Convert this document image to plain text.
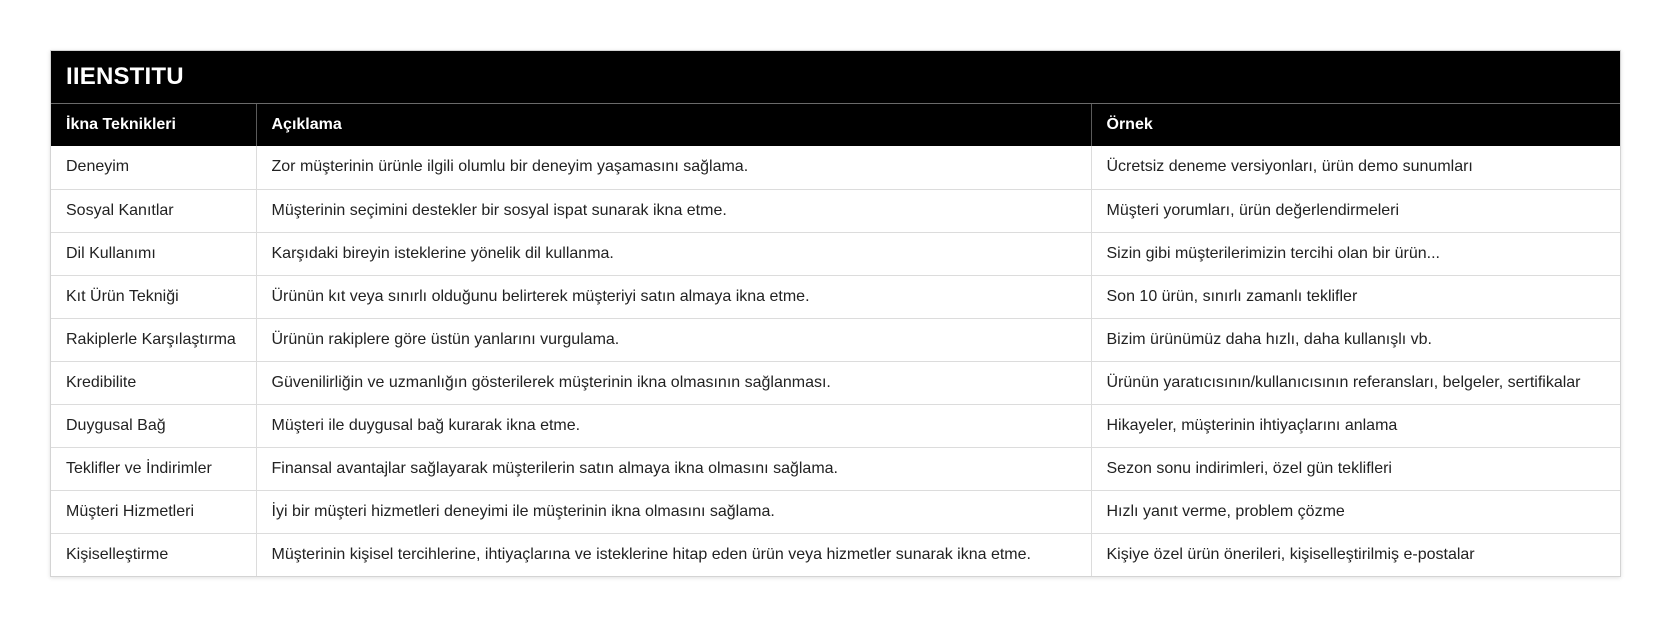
IIENSTITU
İkna Teknikleri	Açıklama	Örnek
Deneyim	Zor müşterinin ürünle ilgili olumlu bir deneyim yaşamasını sağlama.	Ücretsiz deneme versiyonları, ürün demo sunumları
Sosyal Kanıtlar	Müşterinin seçimini destekler bir sosyal ispat sunarak ikna etme.	Müşteri yorumları, ürün değerlendirmeleri
Dil Kullanımı	Karşıdaki bireyin isteklerine yönelik dil kullanma.	Sizin gibi müşterilerimizin tercihi olan bir ürün...
Kıt Ürün Tekniği	Ürünün kıt veya sınırlı olduğunu belirterek müşteriyi satın almaya ikna etme.	Son 10 ürün, sınırlı zamanlı teklifler
Rakiplerle Karşılaştırma	Ürünün rakiplere göre üstün yanlarını vurgulama.	Bizim ürünümüz daha hızlı, daha kullanışlı vb.
Kredibilite	Güvenilirliğin ve uzmanlığın gösterilerek müşterinin ikna olmasının sağlanması.	Ürünün yaratıcısının/kullanıcısının referansları, belgeler, sertifikalar
Duygusal Bağ	Müşteri ile duygusal bağ kurarak ikna etme.	Hikayeler, müşterinin ihtiyaçlarını anlama
Teklifler ve İndirimler	Finansal avantajlar sağlayarak müşterilerin satın almaya ikna olmasını sağlama.	Sezon sonu indirimleri, özel gün teklifleri
Müşteri Hizmetleri	İyi bir müşteri hizmetleri deneyimi ile müşterinin ikna olmasını sağlama.	Hızlı yanıt verme, problem çözme
Kişiselleştirme	Müşterinin kişisel tercihlerine, ihtiyaçlarına ve isteklerine hitap eden ürün veya hizmetler sunarak ikna etme.	Kişiye özel ürün önerileri, kişiselleştirilmiş e-postalar
